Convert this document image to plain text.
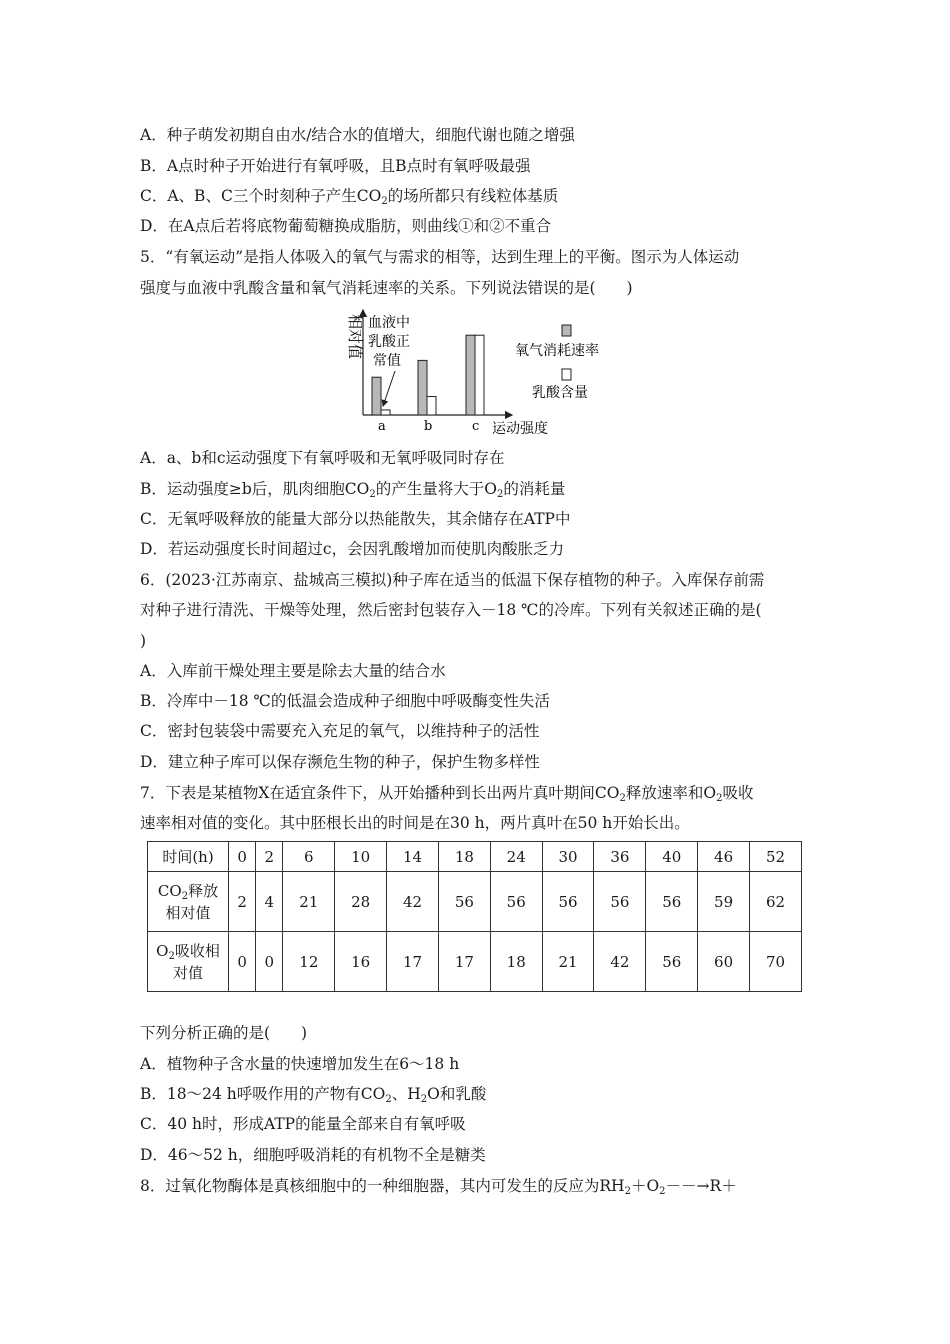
A．种子萌发初期自由水/结合水的值增大，细胞代谢也随之增强
B．A点时种子开始进行有氧呼吸，且B点时有氧呼吸最强
C．A、B、C三个时刻种子产生$CO_2$的场所都只有线粒体基质
D．在A点后若将底物葡萄糖换成脂肪，则曲线①和②不重合
5．“有氧运动”是指人体吸入的氧气与需求的相等，达到生理上的平衡。图示为人体运动
强度与血液中乳酸含量和氧气消耗速率的关系。下列说法错误的是(　　)
相对值
运动强度
血液中
乳酸正
常值
a	b	c
氧气消耗速率
乳酸含量
A．a、b和c运动强度下有氧呼吸和无氧呼吸同时存在
B．运动强度≥b后，肌肉细胞$CO_2$的产生量将大于$O_2$的消耗量
C．无氧呼吸释放的能量大部分以热能散失，其余储存在ATP中
D．若运动强度长时间超过c，会因乳酸增加而使肌肉酸胀乏力
6．(2023·江苏南京、盐城高三模拟)种子库在适当的低温下保存植物的种子。入库保存前需
对种子进行清洗、干燥等处理，然后密封包装存入－18 ℃的冷库。下列有关叙述正确的是(
)
A．入库前干燥处理主要是除去大量的结合水
B．冷库中－18 ℃的低温会造成种子细胞中呼吸酶变性失活
C．密封包装袋中需要充入充足的氧气，以维持种子的活性
D．建立种子库可以保存濒危生物的种子，保护生物多样性
7．下表是某植物X在适宜条件下，从开始播种到长出两片真叶期间$CO_2$释放速率和$O_2$吸收
速率相对值的变化。其中胚根长出的时间是在30 h，两片真叶在50 h开始长出。
时间(h)	0	2	6	10	14	18	24	30	36	40	46	52

$CO_2$释放
相对值	2	4	21	28	42	56	56	56	56	56	59	62

$O_2$吸收相
对值	0	0	12	16	17	17	18	21	42	56	60	70
下列分析正确的是(　　)
A．植物种子含水量的快速增加发生在6～18 h
B．18～24 h呼吸作用的产物有$CO_2$、$H_2O$和乳酸
C．40 h时，形成ATP的能量全部来自有氧呼吸
D．46～52 h，细胞呼吸消耗的有机物不全是糖类
8．过氧化物酶体是真核细胞中的一种细胞器，其内可发生的反应为$RH_2+O_2--\to R+$
